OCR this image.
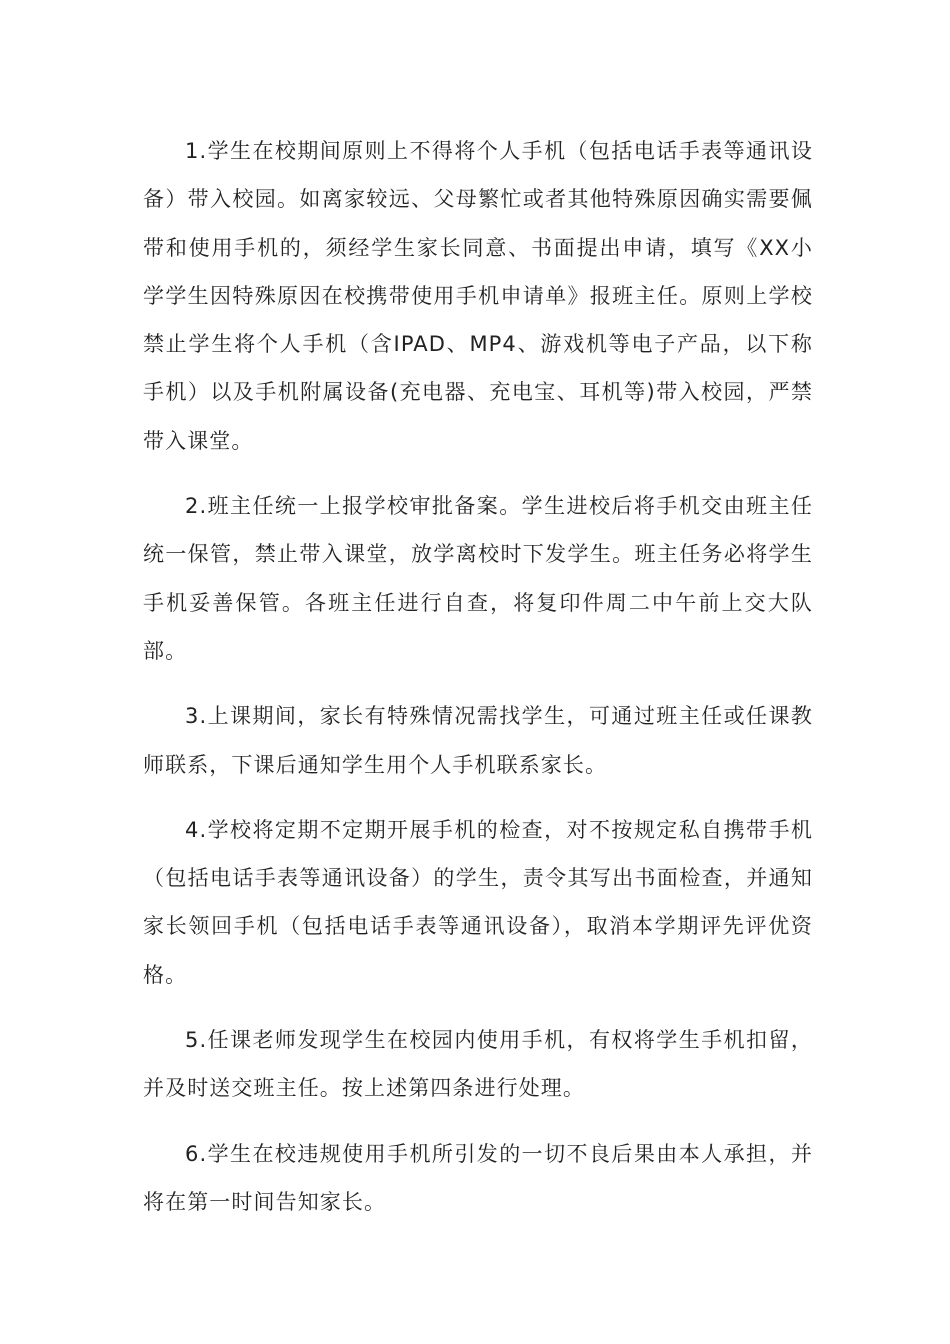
1.学生在校期间原则上不得将个人手机（包括电话手表等通讯设备）带入校园。如离家较远、父母繁忙或者其他特殊原因确实需要佩带和使用手机的，须经学生家长同意、书面提出申请，填写《XX小学学生因特殊原因在校携带使用手机申请单》报班主任。原则上学校禁止学生将个人手机（含IPAD、MP4、游戏机等电子产品，以下称手机）以及手机附属设备(充电器、充电宝、耳机等)带入校园，严禁带入课堂。

2.班主任统一上报学校审批备案。学生进校后将手机交由班主任统一保管，禁止带入课堂，放学离校时下发学生。班主任务必将学生手机妥善保管。各班主任进行自查，将复印件周二中午前上交大队部。

3.上课期间，家长有特殊情况需找学生，可通过班主任或任课教师联系，下课后通知学生用个人手机联系家长。

4.学校将定期不定期开展手机的检查，对不按规定私自携带手机（包括电话手表等通讯设备）的学生，责令其写出书面检查，并通知家长领回手机（包括电话手表等通讯设备），取消本学期评先评优资格。

5.任课老师发现学生在校园内使用手机，有权将学生手机扣留，并及时送交班主任。按上述第四条进行处理。

6.学生在校违规使用手机所引发的一切不良后果由本人承担，并将在第一时间告知家长。
